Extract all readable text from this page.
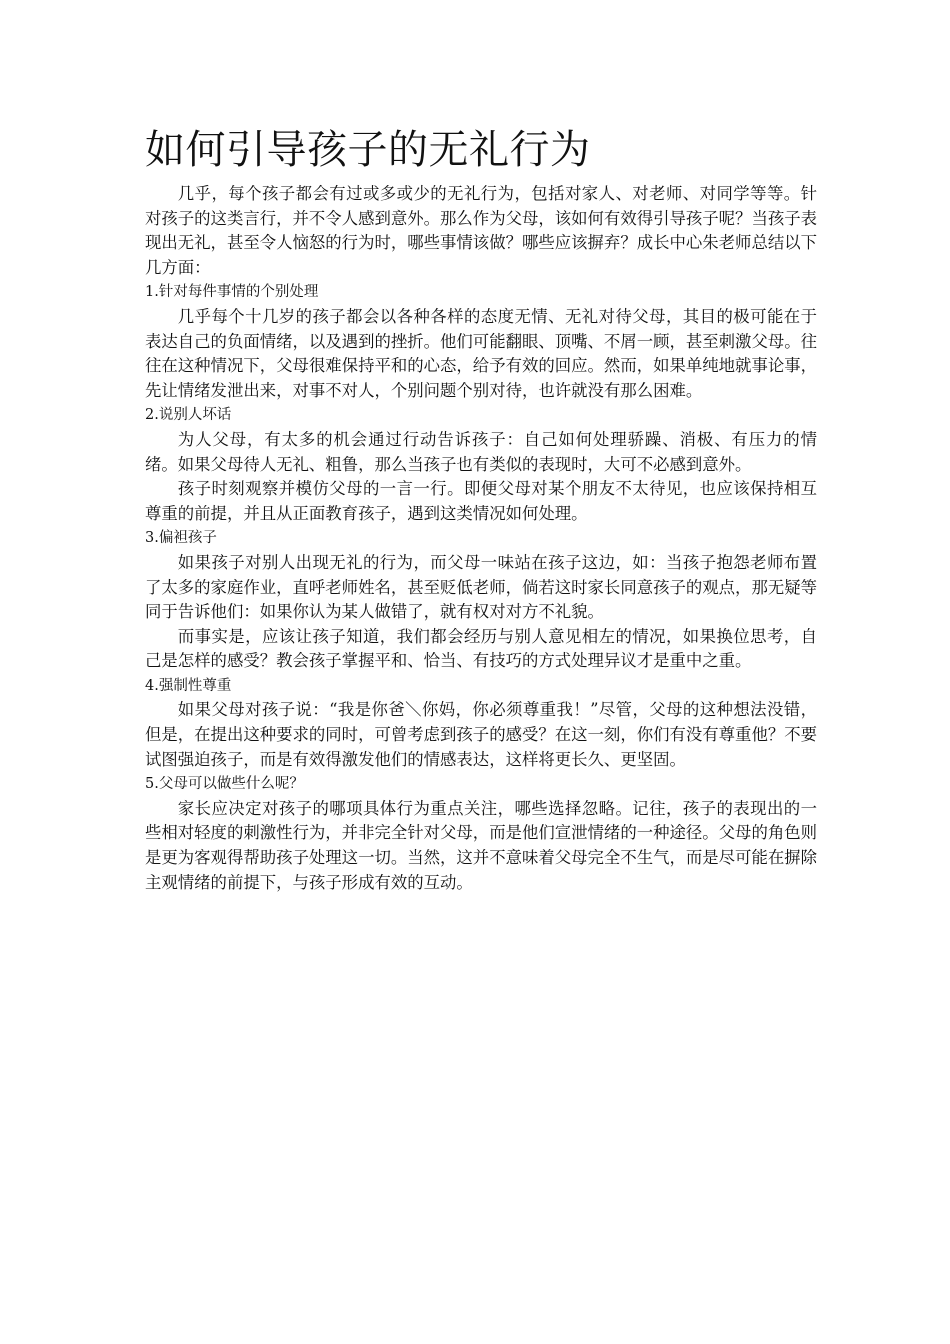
如何引导孩子的无礼行为

几乎，每个孩子都会有过或多或少的无礼行为，包括对家人、对老师、对同学等等。针对孩子的这类言行，并不令人感到意外。那么作为父母，该如何有效得引导孩子呢？当孩子表现出无礼，甚至令人恼怒的行为时，哪些事情该做？哪些应该摒弃？成长中心朱老师总结以下几方面：

1.针对每件事情的个别处理

几乎每个十几岁的孩子都会以各种各样的态度无情、无礼对待父母，其目的极可能在于表达自己的负面情绪，以及遇到的挫折。他们可能翻眼、顶嘴、不屑一顾，甚至刺激父母。往往在这种情况下，父母很难保持平和的心态，给予有效的回应。然而，如果单纯地就事论事，先让情绪发泄出来，对事不对人，个别问题个别对待，也许就没有那么困难。

2.说别人坏话

为人父母，有太多的机会通过行动告诉孩子：自己如何处理骄躁、消极、有压力的情绪。如果父母待人无礼、粗鲁，那么当孩子也有类似的表现时，大可不必感到意外。

孩子时刻观察并模仿父母的一言一行。即便父母对某个朋友不太待见，也应该保持相互尊重的前提，并且从正面教育孩子，遇到这类情况如何处理。

3.偏袒孩子

如果孩子对别人出现无礼的行为，而父母一味站在孩子这边，如：当孩子抱怨老师布置了太多的家庭作业，直呼老师姓名，甚至贬低老师，倘若这时家长同意孩子的观点，那无疑等同于告诉他们：如果你认为某人做错了，就有权对对方不礼貌。

而事实是，应该让孩子知道，我们都会经历与别人意见相左的情况，如果换位思考，自己是怎样的感受？教会孩子掌握平和、恰当、有技巧的方式处理异议才是重中之重。

4.强制性尊重

如果父母对孩子说：“我是你爸＼你妈，你必须尊重我！”尽管，父母的这种想法没错，但是，在提出这种要求的同时，可曾考虑到孩子的感受？在这一刻，你们有没有尊重他？不要试图强迫孩子，而是有效得激发他们的情感表达，这样将更长久、更坚固。

5.父母可以做些什么呢？

家长应决定对孩子的哪项具体行为重点关注，哪些选择忽略。记往，孩子的表现出的一些相对轻度的刺激性行为，并非完全针对父母，而是他们宣泄情绪的一种途径。父母的角色则是更为客观得帮助孩子处理这一切。当然，这并不意味着父母完全不生气，而是尽可能在摒除主观情绪的前提下，与孩子形成有效的互动。
